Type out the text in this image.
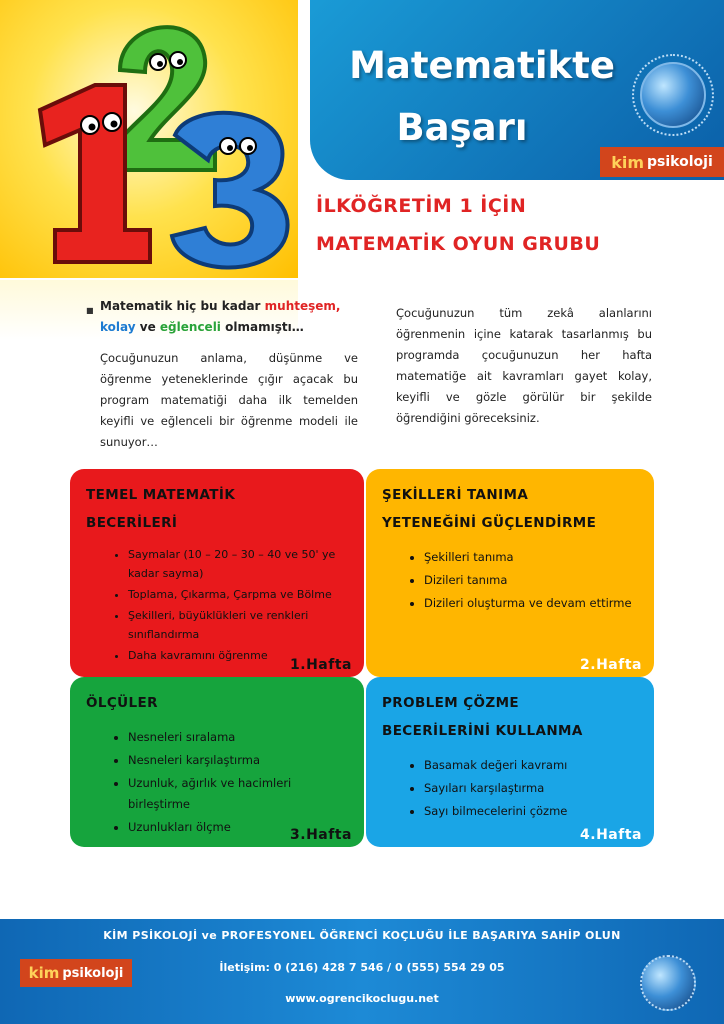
Matematikte
Başarı
kim psikoloji
İLKÖĞRETİM 1 İÇİN
MATEMATİK OYUN GRUBU
■ Matematik hiç bu kadar muhteşem,
kolay ve eğlenceli olmamıştı…
Çocuğunuzun anlama, düşünme ve öğrenme yeteneklerinde çığır açacak bu program matematiği daha ilk temelden keyifli ve eğlenceli bir öğrenme modeli ile sunuyor…
Çocuğunuzun tüm zekâ alanlarını öğrenmenin içine katarak tasarlanmış bu programda çocuğunuzun her hafta matematiğe ait kavramları gayet kolay, keyifli ve gözle görülür bir şekilde öğrendiğini göreceksiniz.
TEMEL MATEMATİK
BECERİLERİ
• Saymalar (10 – 20 – 30 – 40 ve 50' ye kadar sayma)
• Toplama, Çıkarma, Çarpma ve Bölme
• Şekilleri, büyüklükleri ve renkleri sınıflandırma
• Daha kavramını öğrenme
1.Hafta
ŞEKİLLERİ TANIMA
YETENEĞİNİ GÜÇLENDİRME
• Şekilleri tanıma
• Dizileri tanıma
• Dizileri oluşturma ve devam ettirme
2.Hafta
ÖLÇÜLER
• Nesneleri sıralama
• Nesneleri karşılaştırma
• Uzunluk, ağırlık ve hacimleri birleştirme
• Uzunlukları ölçme	3.Hafta
PROBLEM ÇÖZME
BECERİLERİNİ KULLANMA
• Basamak değeri kavramı
• Sayıları karşılaştırma
• Sayı bilmecelerini çözme
4.Hafta
KİM PSİKOLOJİ ve PROFESYONEL ÖĞRENCİ KOÇLUĞU İLE BAŞARIYA SAHİP OLUN
kim psikoloji	İletişim: 0 (216) 428 7 546 / 0 (555) 554 29 05
www.ogrencikoclugu.net
